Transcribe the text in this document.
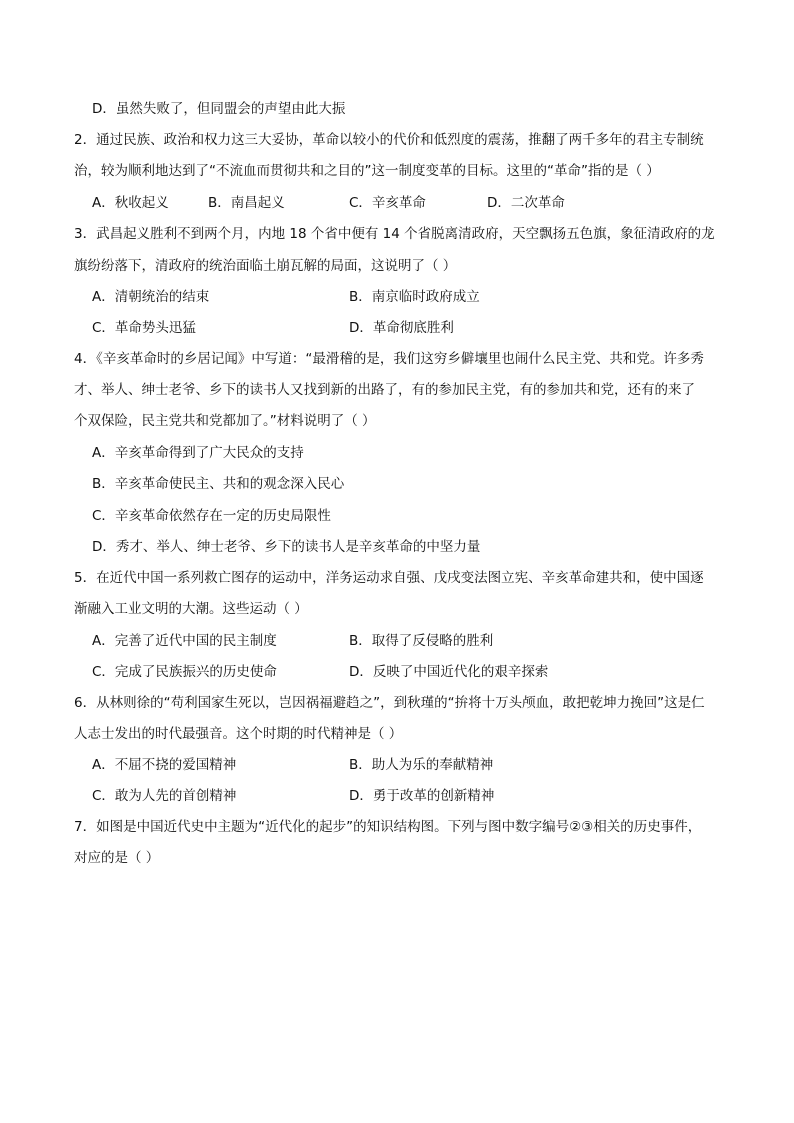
D．虽然失败了，但同盟会的声望由此大振
2．通过民族、政治和权力这三大妥协，革命以较小的代价和低烈度的震荡，推翻了两千多年的君主专制统
治，较为顺利地达到了“不流血而贯彻共和之目的”这一制度变革的目标。这里的“革命”指的是（ ）
A．秋收起义	B．南昌起义	C．辛亥革命	D．二次革命
3．武昌起义胜利不到两个月，内地 18 个省中便有 14 个省脱离清政府，天空飘扬五色旗，象征清政府的龙
旗纷纷落下，清政府的统治面临土崩瓦解的局面，这说明了（ ）
A．清朝统治的结束	B．南京临时政府成立
C．革命势头迅猛	D．革命彻底胜利
4．《辛亥革命时的乡居记闻》中写道：“最滑稽的是，我们这穷乡僻壤里也闹什么民主党、共和党。许多秀
才、举人、绅士老爷、乡下的读书人又找到新的出路了，有的参加民主党，有的参加共和党，还有的来了
个双保险，民主党共和党都加了。”材料说明了（ ）
A．辛亥革命得到了广大民众的支持
B．辛亥革命使民主、共和的观念深入民心
C．辛亥革命依然存在一定的历史局限性
D．秀才、举人、绅士老爷、乡下的读书人是辛亥革命的中坚力量
5．在近代中国一系列救亡图存的运动中，洋务运动求自强、戊戌变法图立宪、辛亥革命建共和，使中国逐
渐融入工业文明的大潮。这些运动（ ）
A．完善了近代中国的民主制度	B．取得了反侵略的胜利
C．完成了民族振兴的历史使命	D．反映了中国近代化的艰辛探索
6．从林则徐的“苟利国家生死以，岂因祸福避趋之”，到秋瑾的“拚将十万头颅血，敢把乾坤力挽回”这是仁
人志士发出的时代最强音。这个时期的时代精神是（ ）
A．不屈不挠的爱国精神	B．助人为乐的奉献精神
C．敢为人先的首创精神	D．勇于改革的创新精神
7．如图是中国近代史中主题为“近代化的起步”的知识结构图。下列与图中数字编号②③相关的历史事件，
对应的是（ ）
